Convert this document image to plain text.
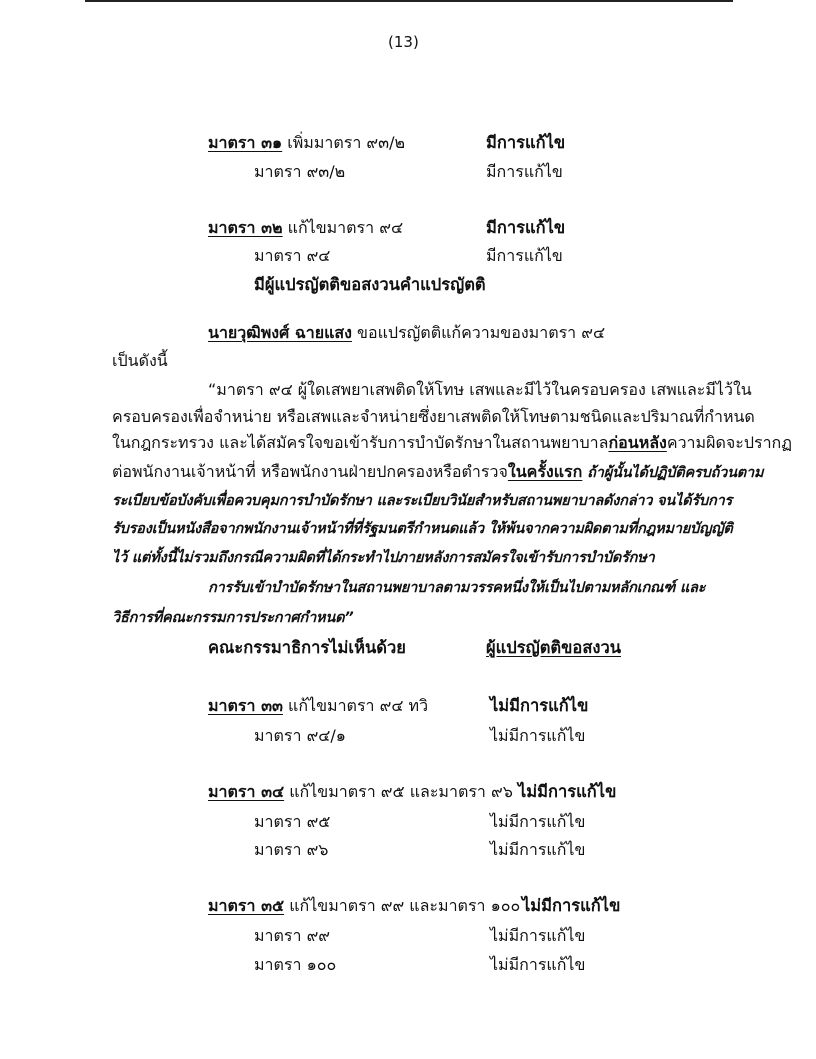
(13)
มาตรา ๓๑ เพิ่มมาตรา ๙๓/๒	มีการแก้ไข
มาตรา ๙๓/๒	มีการแก้ไข
มาตรา ๓๒ แก้ไขมาตรา ๙๔	มีการแก้ไข
มาตรา ๙๔	มีการแก้ไข
มีผู้แปรญัตติขอสงวนคำแปรญัตติ
นายวุฒิพงศ์ ฉายแสง ขอแปรญัตติแก้ความของมาตรา ๙๔
เป็นดังนี้
“มาตรา ๙๔ ผู้ใดเสพยาเสพติดให้โทษ เสพและมีไว้ในครอบครอง เสพและมีไว้ใน
ครอบครองเพื่อจำหน่าย หรือเสพและจำหน่ายซึ่งยาเสพติดให้โทษตามชนิดและปริมาณที่กำหนด
ในกฎกระทรวง และได้สมัครใจขอเข้ารับการบำบัดรักษาในสถานพยาบาลก่อนหลังความผิดจะปรากฏ
ต่อพนักงานเจ้าหน้าที่ หรือพนักงานฝ่ายปกครองหรือตำรวจในครั้งแรก ถ้าผู้นั้นได้ปฏิบัติครบถ้วนตาม
ระเบียบข้อบังคับเพื่อควบคุมการบำบัดรักษา และระเบียบวินัยสำหรับสถานพยาบาลดังกล่าว จนได้รับการ
รับรองเป็นหนังสือจากพนักงานเจ้าหน้าที่ที่รัฐมนตรีกำหนดแล้ว ให้พ้นจากความผิดตามที่กฎหมายบัญญัติ
ไว้ แต่ทั้งนี้ไม่รวมถึงกรณีความผิดที่ได้กระทำไปภายหลังการสมัครใจเข้ารับการบำบัดรักษา
การรับเข้าบำบัดรักษาในสถานพยาบาลตามวรรคหนึ่งให้เป็นไปตามหลักเกณฑ์ และ
วิธีการที่คณะกรรมการประกาศกำหนด”
คณะกรรมาธิการไม่เห็นด้วย	ผู้แปรญัตติขอสงวน
มาตรา ๓๓ แก้ไขมาตรา ๙๔ ทวิ	ไม่มีการแก้ไข
มาตรา ๙๔/๑	ไม่มีการแก้ไข
มาตรา ๓๔ แก้ไขมาตรา ๙๕ และมาตรา ๙๖ ไม่มีการแก้ไข
มาตรา ๙๕	ไม่มีการแก้ไข
มาตรา ๙๖	ไม่มีการแก้ไข
มาตรา ๓๕ แก้ไขมาตรา ๙๙ และมาตรา ๑๐๐ ไม่มีการแก้ไข
มาตรา ๙๙	ไม่มีการแก้ไข
มาตรา ๑๐๐	ไม่มีการแก้ไข
